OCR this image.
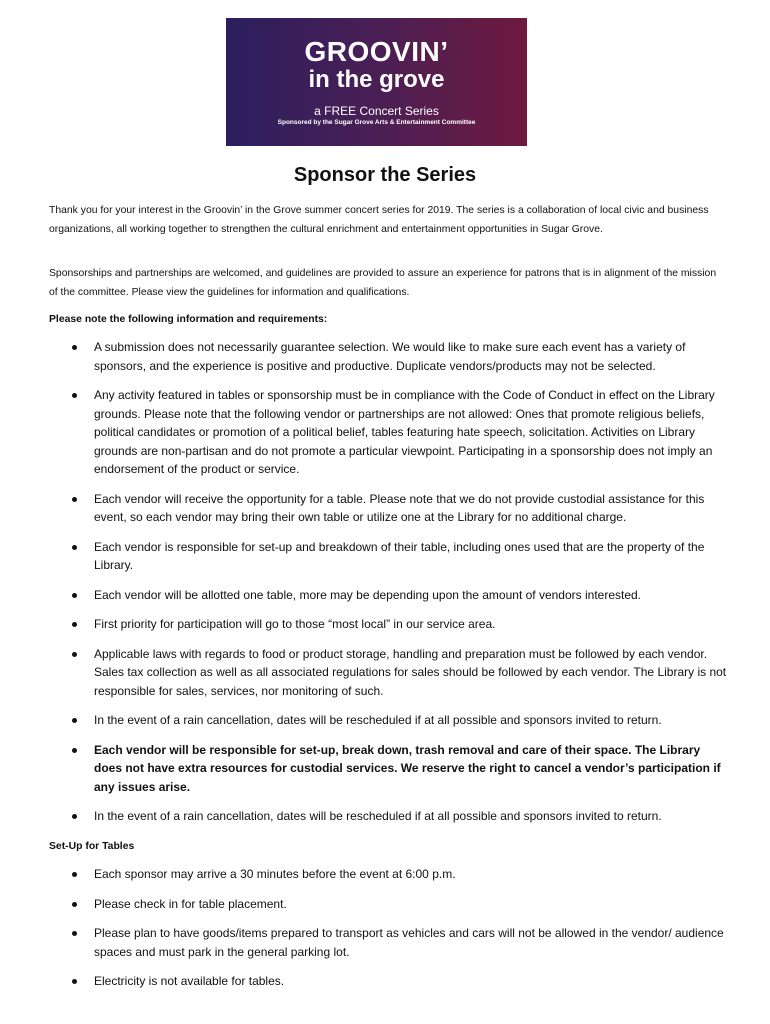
GROOVIN’
in the grove
a FREE Concert Series
Sponsored by the Sugar Grove Arts & Entertainment Committee
Sponsor the Series
Thank you for your interest in the Groovin’ in the Grove summer concert series for 2019. The series is a collaboration of local civic and business organizations, all working together to strengthen the cultural enrichment and entertainment opportunities in Sugar Grove.
Sponsorships and partnerships are welcomed, and guidelines are provided to assure an experience for patrons that is in alignment of the mission of the committee. Please view the guidelines for information and qualifications.
Please note the following information and requirements:
A submission does not necessarily guarantee selection. We would like to make sure each event has a variety of sponsors, and the experience is positive and productive. Duplicate vendors/products may not be selected.
Any activity featured in tables or sponsorship must be in compliance with the Code of Conduct in effect on the Library grounds. Please note that the following vendor or partnerships are not allowed: Ones that promote religious beliefs, political candidates or promotion of a political belief, tables featuring hate speech, solicitation. Activities on Library grounds are non-partisan and do not promote a particular viewpoint. Participating in a sponsorship does not imply an endorsement of the product or service.
Each vendor will receive the opportunity for a table. Please note that we do not provide custodial assistance for this event, so each vendor may bring their own table or utilize one at the Library for no additional charge.
Each vendor is responsible for set-up and breakdown of their table, including ones used that are the property of the Library.
Each vendor will be allotted one table, more may be depending upon the amount of vendors interested.
First priority for participation will go to those “most local” in our service area.
Applicable laws with regards to food or product storage, handling and preparation must be followed by each vendor. Sales tax collection as well as all associated regulations for sales should be followed by each vendor. The Library is not responsible for sales, services, nor monitoring of such.
In the event of a rain cancellation, dates will be rescheduled if at all possible and sponsors invited to return.
Each vendor will be responsible for set-up, break down, trash removal and care of their space. The Library does not have extra resources for custodial services. We reserve the right to cancel a vendor’s participation if any issues arise.
In the event of a rain cancellation, dates will be rescheduled if at all possible and sponsors invited to return.
Set-Up for Tables
Each sponsor may arrive a 30 minutes before the event at 6:00 p.m.
Please check in for table placement.
Please plan to have goods/items prepared to transport as vehicles and cars will not be allowed in the vendor/ audience spaces and must park in the general parking lot.
Electricity is not available for tables.
